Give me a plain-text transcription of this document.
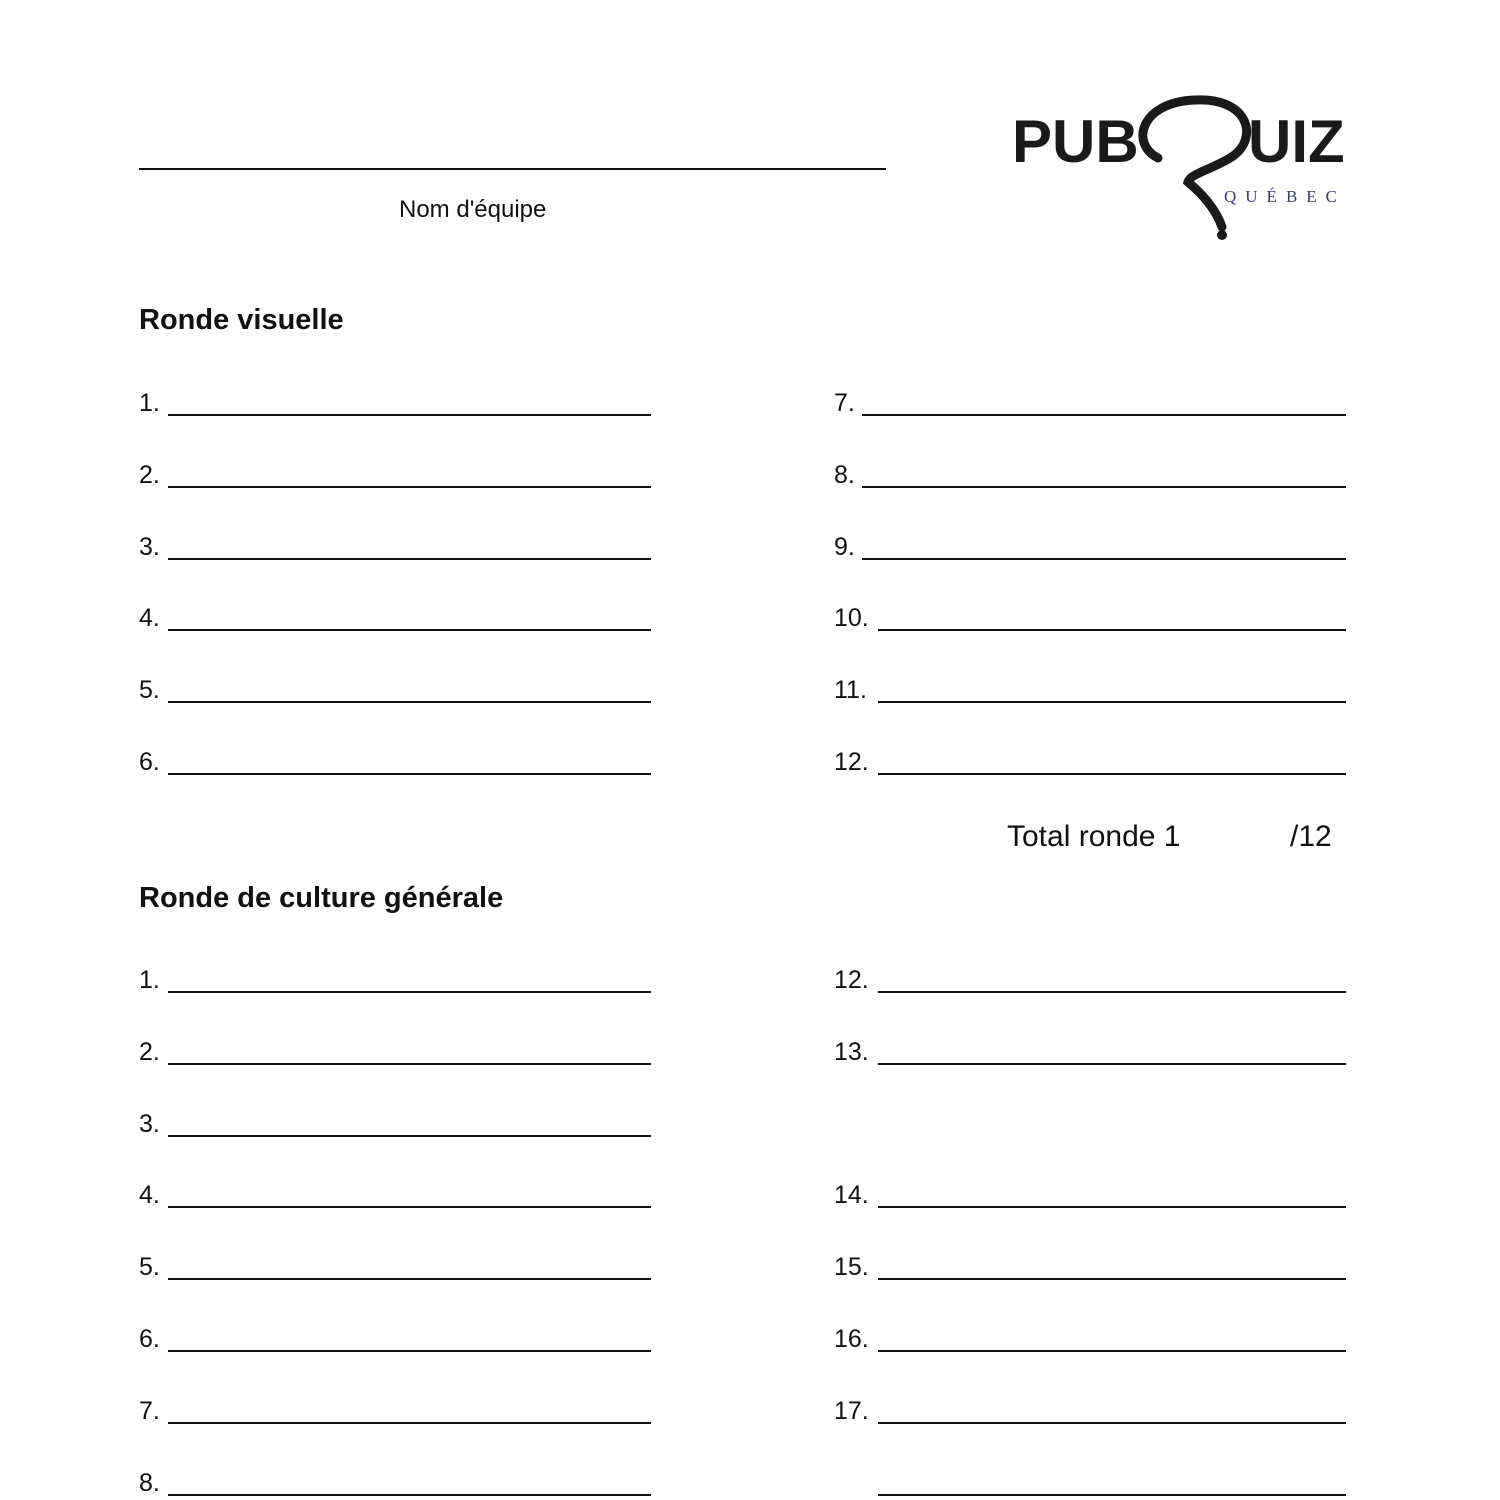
Nom d'équipe
PUB UIZ
QUÉBEC
Ronde visuelle
1.
2.
3.
4.
5.
6.
7.
8.
9.
10.
11.
12.
Total ronde 1	/12
Ronde de culture générale
1.
2.
3.
4.
5.
6.
7.
8.
12.
13.
14.
15.
16.
17.
